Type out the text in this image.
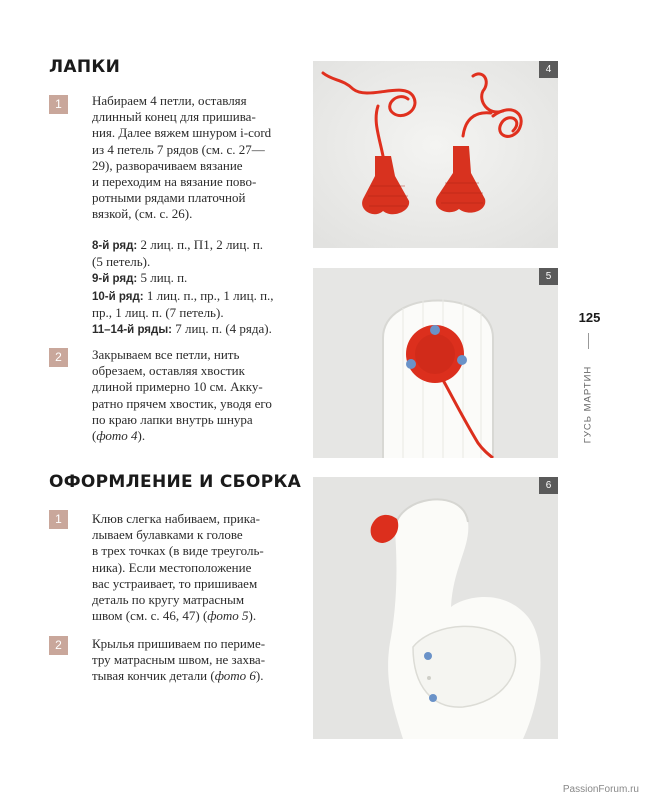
ЛАПКИ
1	Набираем 4 петли, оставляя
длинный конец для пришива-
ния. Далее вяжем шнуром i-cord
из 4 петель 7 рядов (см. с. 27—
29), разворачиваем вязание
и переходим на вязание пово-
ротными рядами платочной
вязкой, (см. с. 26).

8-й ряд: 2 лиц. п., П1, 2 лиц. п.
(5 петель).
9-й ряд: 5 лиц. п.
10-й ряд: 1 лиц. п., пр., 1 лиц. п.,
пр., 1 лиц. п. (7 петель).
11–14-й ряды: 7 лиц. п. (4 ряда).

2	Закрываем все петли, нить
обрезаем, оставляя хвостик
длиной примерно 10 см. Акку-
ратно прячем хвостик, уводя его
по краю лапки внутрь шнура
(фото 4).

ОФОРМЛЕНИЕ И СБОРКА
1	Клюв слегка набиваем, прика-
лываем булавками к голове
в трех точках (в виде треуголь-
ника). Если местоположение
вас устраивает, то пришиваем
деталь по кругу матрасным
швом (см. с. 46, 47) (фото 5).

2	Крылья пришиваем по периме-
тру матрасным швом, не захва-
тывая кончик детали (фото 6).

4
5
6
125
ГУСЬ МАРТИН
PassionForum.ru
